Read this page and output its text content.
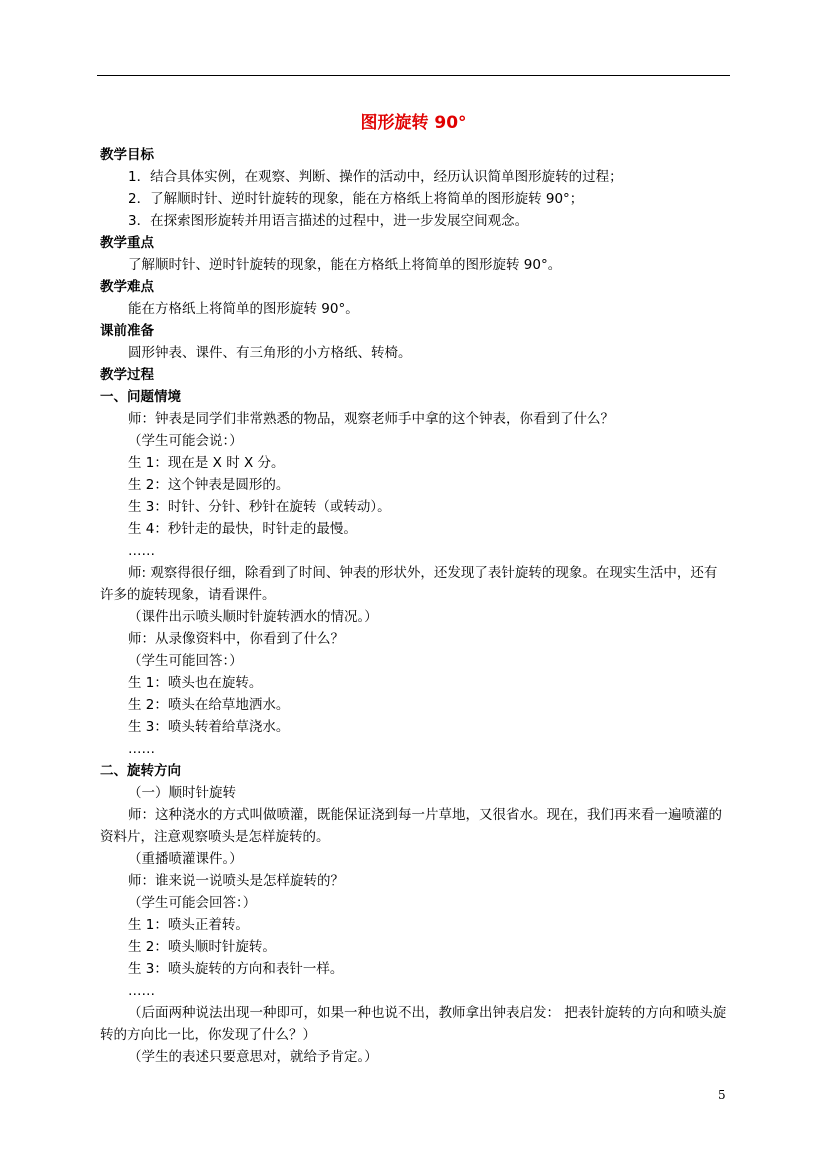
图形旋转 90°
教学目标
1．结合具体实例，在观察、判断、操作的活动中，经历认识简单图形旋转的过程；
2．了解顺时针、逆时针旋转的现象，能在方格纸上将简单的图形旋转 90°；
3．在探索图形旋转并用语言描述的过程中，进一步发展空间观念。
教学重点
了解顺时针、逆时针旋转的现象，能在方格纸上将简单的图形旋转 90°。
教学难点
能在方格纸上将简单的图形旋转 90°。
课前准备
圆形钟表、课件、有三角形的小方格纸、转椅。
教学过程
一、问题情境
师：钟表是同学们非常熟悉的物品，观察老师手中拿的这个钟表，你看到了什么？
（学生可能会说：）
生 1：现在是 X 时 X 分。
生 2：这个钟表是圆形的。
生 3：时针、分针、秒针在旋转（或转动）。
生 4：秒针走的最快，时针走的最慢。
……
师: 观察得很仔细，除看到了时间、钟表的形状外，还发现了表针旋转的现象。在现实生活中，还有许多的旋转现象，请看课件。
（课件出示喷头顺时针旋转洒水的情况。）
师：从录像资料中，你看到了什么？
（学生可能回答：）
生 1：喷头也在旋转。
生 2：喷头在给草地洒水。
生 3：喷头转着给草浇水。
……
二、旋转方向
（一）顺时针旋转
师：这种浇水的方式叫做喷灌，既能保证浇到每一片草地，又很省水。现在，我们再来看一遍喷灌的资料片，注意观察喷头是怎样旋转的。
（重播喷灌课件。）
师：谁来说一说喷头是怎样旋转的？
（学生可能会回答：）
生 1：喷头正着转。
生 2：喷头顺时针旋转。
生 3：喷头旋转的方向和表针一样。
……
（后面两种说法出现一种即可，如果一种也说不出，教师拿出钟表启发： 把表针旋转的方向和喷头旋转的方向比一比，你发现了什么？）
（学生的表述只要意思对，就给予肯定。）
5
